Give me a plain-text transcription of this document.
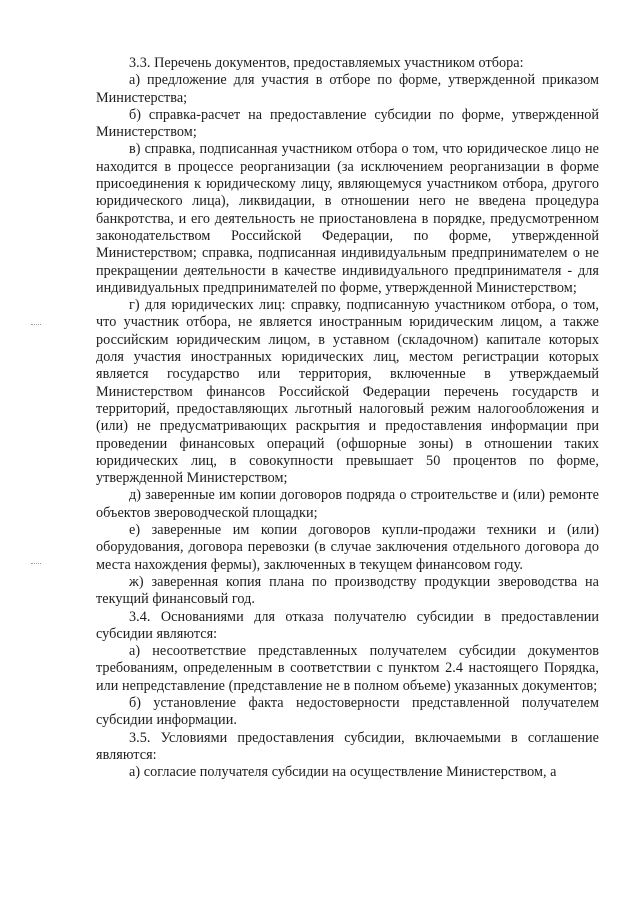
3.3. Перечень документов, предоставляемых участником отбора:

а) предложение для участия в отборе по форме, утвержденной приказом Министерства;

б) справка-расчет на предоставление субсидии по форме, утвержденной Министерством;

в) справка, подписанная участником отбора о том, что юридическое лицо не находится в процессе реорганизации (за исключением реорганизации в форме присоединения к юридическому лицу, являющемуся участником отбора, другого юридического лица), ликвидации, в отношении него не введена процедура банкротства, и его деятельность не приостановлена в порядке, предусмотренном законодательством Российской Федерации, по форме, утвержденной Министерством; справка, подписанная индивидуальным предпринимателем о не прекращении деятельности в качестве индивидуального предпринимателя - для индивидуальных предпринимателей по форме, утвержденной Министерством;

г) для юридических лиц: справку, подписанную участником отбора, о том, что участник отбора, не является иностранным юридическим лицом, а также российским юридическим лицом, в уставном (складочном) капитале которых доля участия иностранных юридических лиц, местом регистрации которых является государство или территория, включенные в утверждаемый Министерством финансов Российской Федерации перечень государств и территорий, предоставляющих льготный налоговый режим налогообложения и (или) не предусматривающих раскрытия и предоставления информации при проведении финансовых операций (офшорные зоны) в отношении таких юридических лиц, в совокупности превышает 50 процентов по форме, утвержденной Министерством;

д) заверенные им копии договоров подряда о строительстве и (или) ремонте объектов звероводческой площадки;

е) заверенные им копии договоров купли-продажи техники и (или) оборудования, договора перевозки (в случае заключения отдельного договора до места нахождения фермы), заключенных в текущем финансовом году.

ж) заверенная копия плана по производству продукции звероводства на текущий финансовый год.

3.4. Основаниями для отказа получателю субсидии в предоставлении субсидии являются:

а) несоответствие представленных получателем субсидии документов требованиям, определенным в соответствии с пунктом 2.4 настоящего Порядка, или непредставление (представление не в полном объеме) указанных документов;

б) установление факта недостоверности представленной получателем субсидии информации.

3.5. Условиями предоставления субсидии, включаемыми в соглашение являются:

а) согласие получателя субсидии на осуществление Министерством, а
